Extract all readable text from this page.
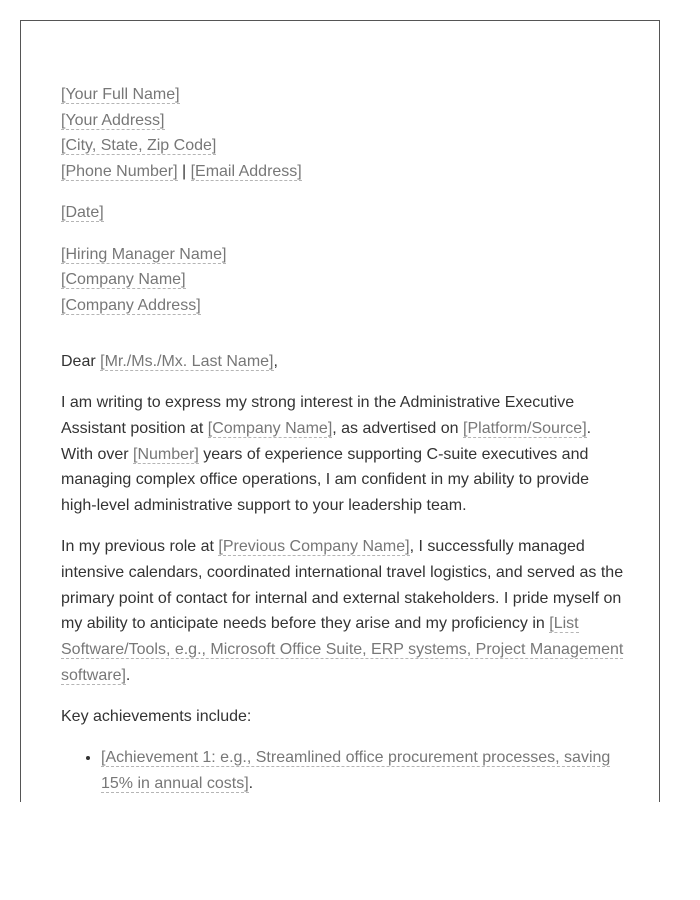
[Your Full Name]
[Your Address]
[City, State, Zip Code]
[Phone Number] | [Email Address]
[Date]
[Hiring Manager Name]
[Company Name]
[Company Address]

Dear [Mr./Ms./Mx. Last Name],

I am writing to express my strong interest in the Administrative Executive Assistant position at [Company Name], as advertised on [Platform/Source]. With over [Number] years of experience supporting C-suite executives and managing complex office operations, I am confident in my ability to provide high-level administrative support to your leadership team.

In my previous role at [Previous Company Name], I successfully managed intensive calendars, coordinated international travel logistics, and served as the primary point of contact for internal and external stakeholders. I pride myself on my ability to anticipate needs before they arise and my proficiency in [List Software/Tools, e.g., Microsoft Office Suite, ERP systems, Project Management software].

Key achievements include:

• [Achievement 1: e.g., Streamlined office procurement processes, saving 15% in annual costs].
